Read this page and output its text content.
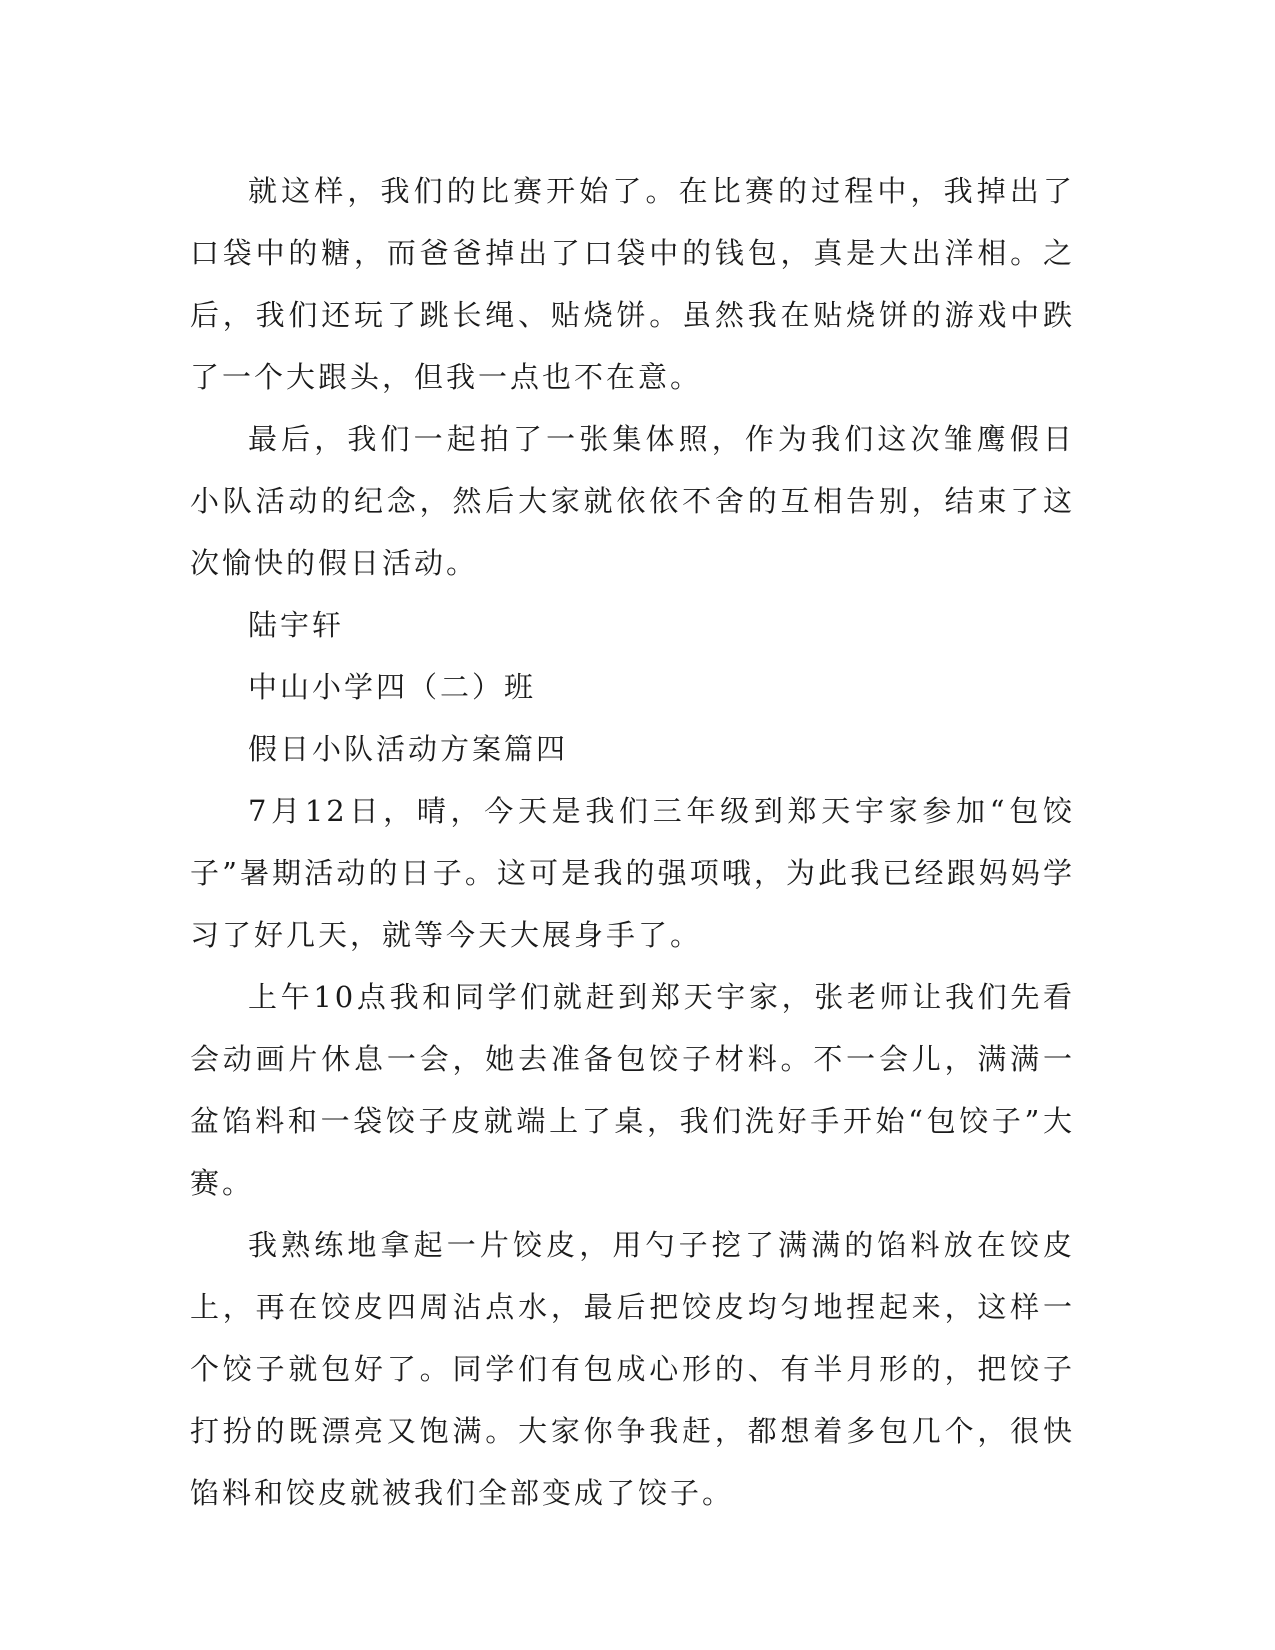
就这样，我们的比赛开始了。在比赛的过程中，我掉出了口袋中的糖，而爸爸掉出了口袋中的钱包，真是大出洋相。之后，我们还玩了跳长绳、贴烧饼。虽然我在贴烧饼的游戏中跌了一个大跟头，但我一点也不在意。

最后，我们一起拍了一张集体照，作为我们这次雏鹰假日小队活动的纪念，然后大家就依依不舍的互相告别，结束了这次愉快的假日活动。

陆宇轩

中山小学四（二）班

假日小队活动方案篇四

7月12日，晴，今天是我们三年级到郑天宇家参加“包饺子”暑期活动的日子。这可是我的强项哦，为此我已经跟妈妈学习了好几天，就等今天大展身手了。

上午10点我和同学们就赶到郑天宇家，张老师让我们先看会动画片休息一会，她去准备包饺子材料。不一会儿，满满一盆馅料和一袋饺子皮就端上了桌，我们洗好手开始“包饺子”大赛。

我熟练地拿起一片饺皮，用勺子挖了满满的馅料放在饺皮上，再在饺皮四周沾点水，最后把饺皮均匀地捏起来，这样一个饺子就包好了。同学们有包成心形的、有半月形的，把饺子打扮的既漂亮又饱满。大家你争我赶，都想着多包几个，很快馅料和饺皮就被我们全部变成了饺子。
